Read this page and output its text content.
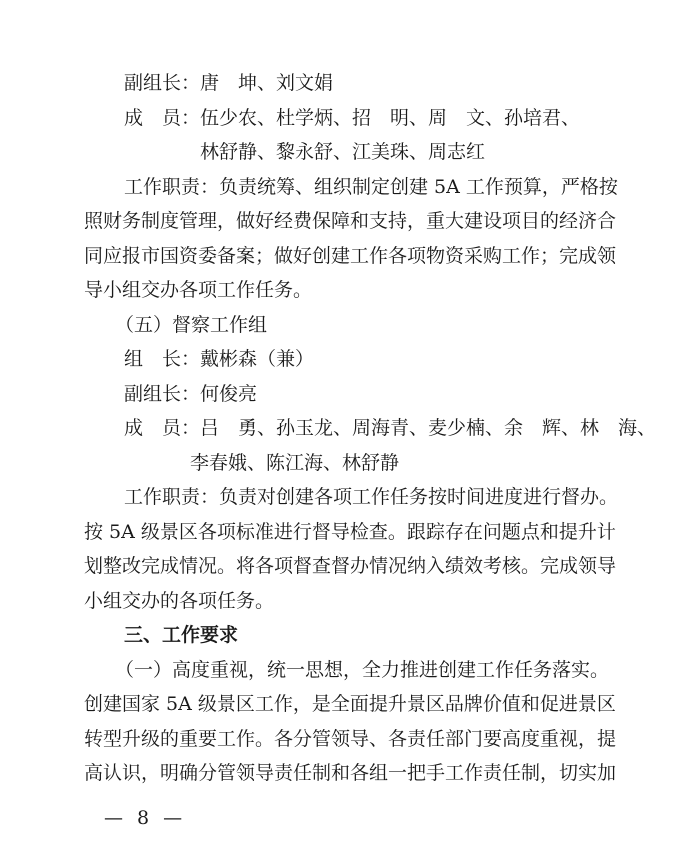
副组长：唐　坤、刘文娟
成　员：伍少农、杜学炳、招　明、周　文、孙培君、
林舒静、黎永舒、江美珠、周志红
工作职责：负责统筹、组织制定创建 5A 工作预算，严格按
照财务制度管理，做好经费保障和支持，重大建设项目的经济合
同应报市国资委备案；做好创建工作各项物资采购工作；完成领
导小组交办各项工作任务。
（五）督察工作组
组　长：戴彬森（兼）
副组长：何俊亮
成　员：吕　勇、孙玉龙、周海青、麦少楠、余　辉、林　海、
李春娥、陈江海、林舒静
工作职责：负责对创建各项工作任务按时间进度进行督办。
按 5A 级景区各项标准进行督导检查。跟踪存在问题点和提升计
划整改完成情况。将各项督查督办情况纳入绩效考核。完成领导
小组交办的各项任务。
三、工作要求
（一）高度重视，统一思想，全力推进创建工作任务落实。
创建国家 5A 级景区工作，是全面提升景区品牌价值和促进景区
转型升级的重要工作。各分管领导、各责任部门要高度重视，提
高认识，明确分管领导责任制和各组一把手工作责任制，切实加
— 8 —
